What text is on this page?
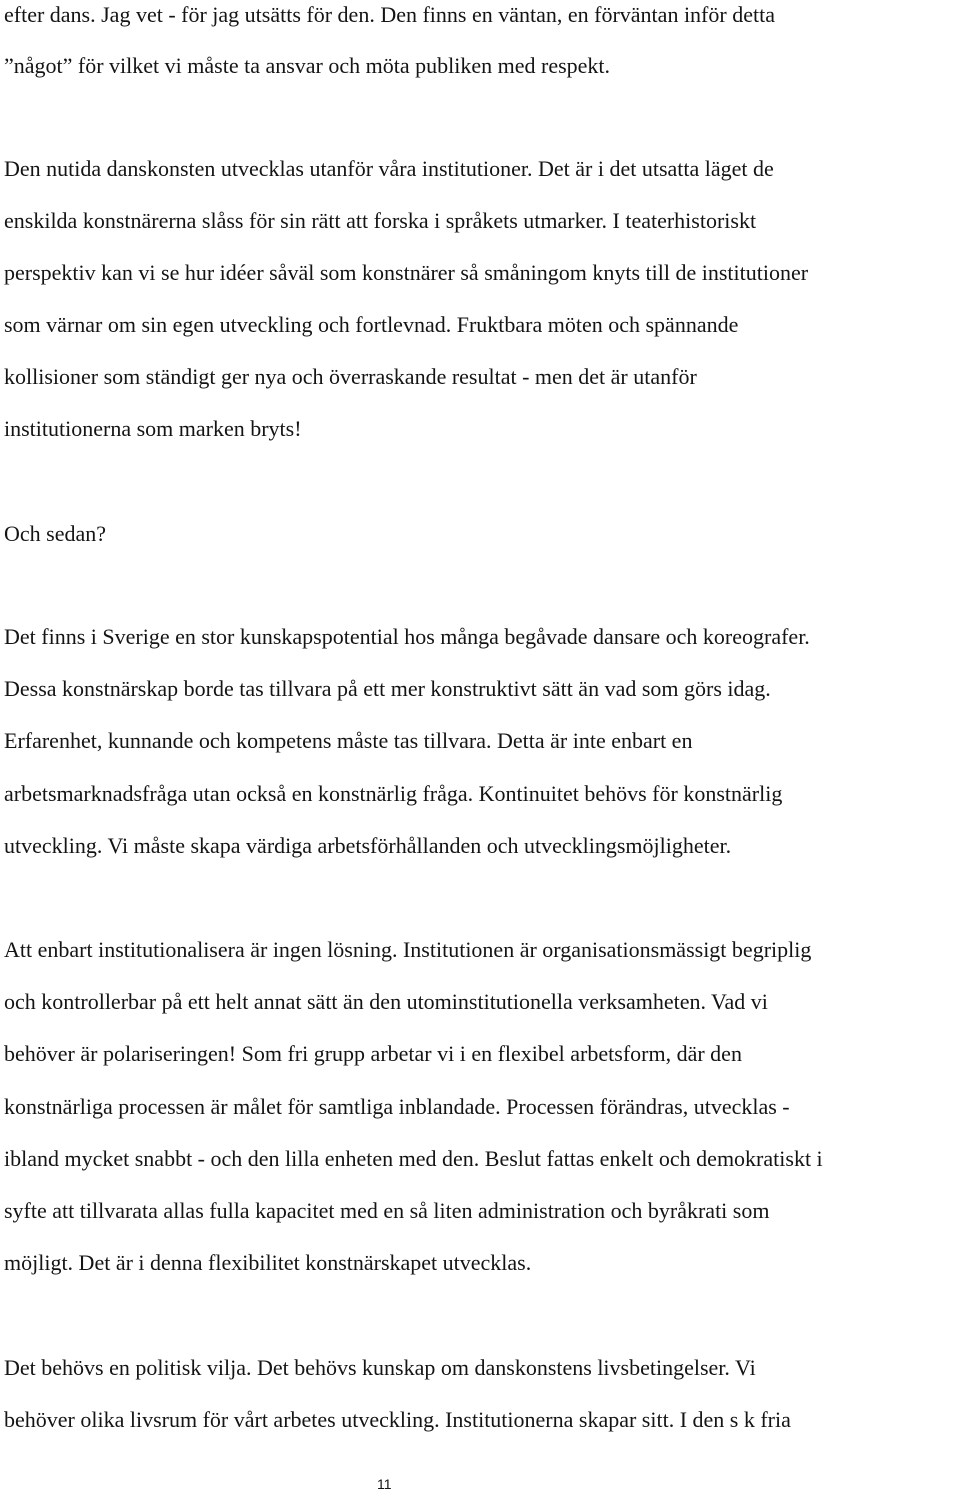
efter dans. Jag vet - för jag utsätts för den. Den finns en väntan, en förväntan inför detta
”något” för vilket vi måste ta ansvar och möta publiken med respekt.
Den nutida danskonsten utvecklas utanför våra institutioner. Det är i det utsatta läget de
enskilda konstnärerna slåss för sin rätt att forska i språkets utmarker. I teaterhistoriskt
perspektiv kan vi se hur idéer såväl som konstnärer så småningom knyts till de institutioner
som värnar om sin egen utveckling och fortlevnad. Fruktbara möten och spännande
kollisioner som ständigt ger nya och överraskande resultat - men det är utanför
institutionerna som marken bryts!
Och sedan?
Det finns i Sverige en stor kunskapspotential hos många begåvade dansare och koreografer.
Dessa konstnärskap borde tas tillvara på ett mer konstruktivt sätt än vad som görs idag.
Erfarenhet, kunnande och kompetens måste tas tillvara. Detta är inte enbart en
arbetsmarknadsfråga utan också en konstnärlig fråga. Kontinuitet behövs för konstnärlig
utveckling. Vi måste skapa värdiga arbetsförhållanden och utvecklingsmöjligheter.
Att enbart institutionalisera är ingen lösning. Institutionen är organisationsmässigt begriplig
och kontrollerbar på ett helt annat sätt än den utominstitutionella verksamheten. Vad vi
behöver är polariseringen! Som fri grupp arbetar vi i en flexibel arbetsform, där den
konstnärliga processen är målet för samtliga inblandade. Processen förändras, utvecklas -
ibland mycket snabbt - och den lilla enheten med den. Beslut fattas enkelt och demokratiskt i
syfte att tillvarata allas fulla kapacitet med en så liten administration och byråkrati som
möjligt. Det är i denna flexibilitet konstnärskapet utvecklas.
Det behövs en politisk vilja. Det behövs kunskap om danskonstens livsbetingelser. Vi
behöver olika livsrum för vårt arbetes utveckling. Institutionerna skapar sitt. I den s k fria
11
